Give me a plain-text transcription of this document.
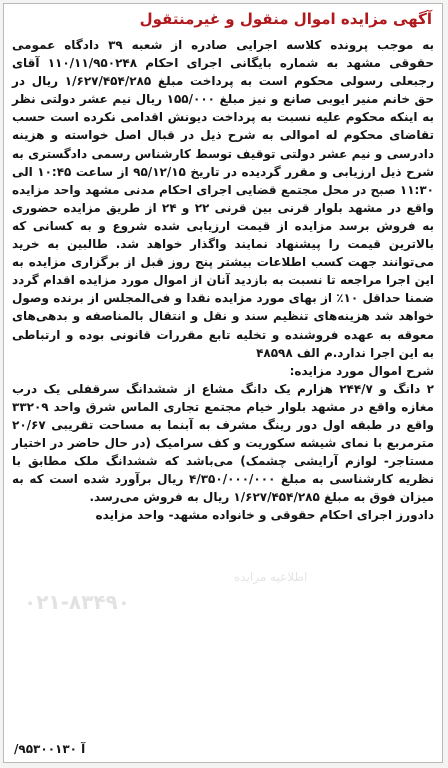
آگهی مزایده اموال منقول و غیرمنتقول

به موجب پرونده کلاسه اجرایی صادره از شعبه ۳۹ دادگاه عمومی حقوقی مشهد به شماره بایگانی اجرای احکام ۱۱۰/۱۱/۹۵۰۲۴۸ آقای رجبعلی رسولی محکوم است به پرداخت مبلغ ۱/۶۲۷/۴۵۴/۲۸۵ ریال در حق خانم منیر ایوبی صانع و نیز مبلغ ۱۵۵/۰۰۰ ریال نیم عشر دولتی نظر به اینکه محکوم علیه نسبت به پرداخت دیونش اقدامی نکرده است حسب تقاضای محکوم له اموالی به شرح ذیل در قبال اصل خواسته و هزینه دادرسی و نیم عشر دولتی توقیف توسط کارشناس رسمی دادگستری به شرح ذیل ارزیابی و مقرر گردیده در تاریخ ۹۵/۱۲/۱۵ از ساعت ۱۰:۴۵ الی ۱۱:۳۰ صبح در محل مجتمع قضایی اجرای احکام مدنی مشهد واحد مزایده واقع در مشهد بلوار قرنی بین قرنی ۲۲ و ۲۴ از طریق مزایده حضوری به فروش برسد مزایده از قیمت ارزیابی شده شروع و به کسانی که بالاترین قیمت را پیشنهاد نمایند واگذار خواهد شد. طالبین به خرید می‌توانند جهت کسب اطلاعات بیشتر پنج روز قبل از برگزاری مزایده به این اجرا مراجعه تا نسبت به بازدید آنان از اموال مورد مزایده اقدام گردد ضمنا حداقل ۱۰٪ از بهای مورد مزایده نقدا و فی‌المجلس از برنده وصول خواهد شد هزینه‌های تنظیم سند و نقل و انتقال بالمناصفه و بدهی‌های معوقه به عهده فروشنده و تخلیه تابع مقررات قانونی بوده و ارتباطی به این اجرا ندارد.م الف ۴۸۵۹۸

شرح اموال مورد مزایده:

۲ دانگ و ۲۴۴/۷ هزارم یک دانگ مشاع از ششدانگ سرقفلی یک درب مغازه واقع در مشهد بلوار خیام مجتمع تجاری الماس شرق واحد ۳۳۲۰۹ واقع در طبقه اول دور رینگ مشرف به آبنما به مساحت تقریبی ۲۰/۶۷ مترمربع با نمای شیشه سکوریت و کف سرامیک (در حال حاضر در اختیار مستاجر- لوازم آرایشی چشمک) می‌باشد که ششدانگ ملک مطابق با نظریه کارشناسی به مبلغ ۴/۳۵۰/۰۰۰/۰۰۰ ریال برآورد شده است که به میزان فوق به مبلغ ۱/۶۲۷/۴۵۴/۲۸۵ ریال به فروش می‌رسد.

دادورز اجرای احکام حقوقی و خانواده مشهد- واحد مزایده

۰۲۱-۸۳۴۹۰
اطلاعیه مزایده
آ ۹۵۳۰۰۱۳۰/
